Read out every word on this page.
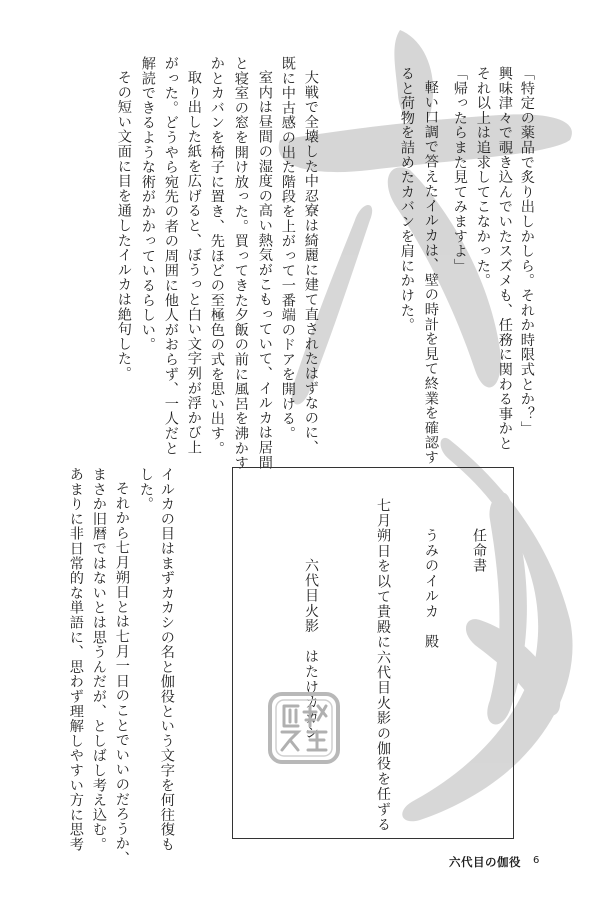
「特定の薬品で炙り出しかしら。それか時限式とか？」
興味津々で覗き込んでいたスズメも、任務に関わる事かと
それ以上は追求してこなかった。
「帰ったらまた見てみますよ」
軽い口調で答えたイルカは、壁の時計を見て終業を確認す
ると荷物を詰めたカバンを肩にかけた。
大戦で全壊した中忍寮は綺麗に建て直されたはずなのに、
既に中古感の出た階段を上がって一番端のドアを開ける。
室内は昼間の湿度の高い熱気がこもっていて、イルカは居間
と寝室の窓を開け放った。買ってきた夕飯の前に風呂を沸かす
かとカバンを椅子に置き、先ほどの至極色の式を思い出す。
取り出した紙を広げると、ぼうっと白い文字列が浮かび上
がった。どうやら宛先の者の周囲に他人がおらず、一人だと
解読できるような術がかかっているらしい。
その短い文面に目を通したイルカは絶句した。
任命書
うみのイルカ　殿
七月朔日を以て貴殿に六代目火影の伽役を任ずる
六代目火影　はたけカカシ
イルカの目はまずカカシの名と伽役という文字を何往復も
した。
それから七月朔日とは七月一日のことでいいのだろうか、
まさか旧暦ではないとは思うんだが、としばし考え込む。
あまりに非日常的な単語に、思わず理解しやすい方に思考
六代目の伽役 6
